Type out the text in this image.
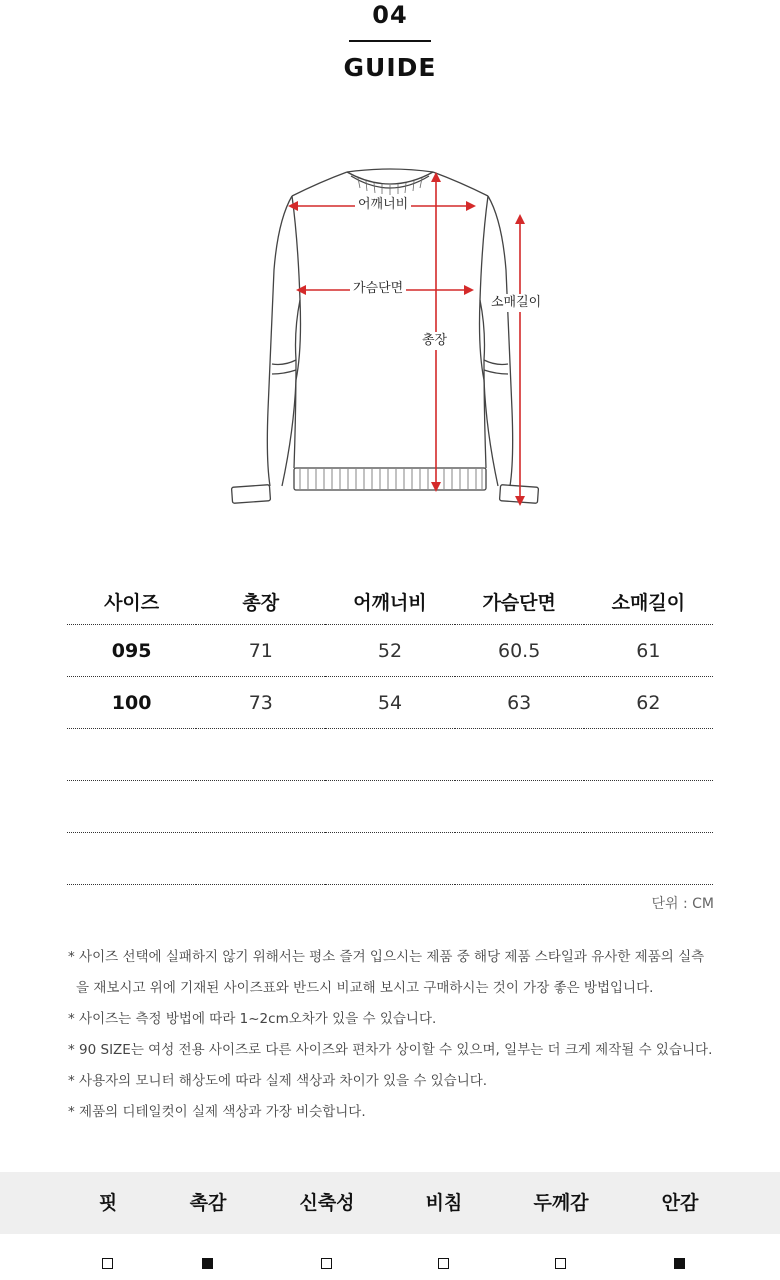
04
GUIDE
어깨너비
가슴단면
총장
소매길이
사이즈	총장	어깨너비	가슴단면	소매길이
095	71	52	60.5	61
100	73	54	63	62

단위 : CM
* 사이즈 선택에 실패하지 않기 위해서는 평소 즐겨 입으시는 제품 중 해당 제품 스타일과 유사한 제품의 실측
을 재보시고 위에 기재된 사이즈표와 반드시 비교해 보시고 구매하시는 것이 가장 좋은 방법입니다.
* 사이즈는 측정 방법에 따라 1~2cm오차가 있을 수 있습니다.
* 90 SIZE는 여성 전용 사이즈로 다른 사이즈와 편차가 상이할 수 있으며, 일부는 더 크게 제작될 수 있습니다.
* 사용자의 모니터 해상도에 따라 실제 색상과 차이가 있을 수 있습니다.
* 제품의 디테일컷이 실제 색상과 가장 비슷합니다.
핏	촉감	신축성	비침	두께감	안감
